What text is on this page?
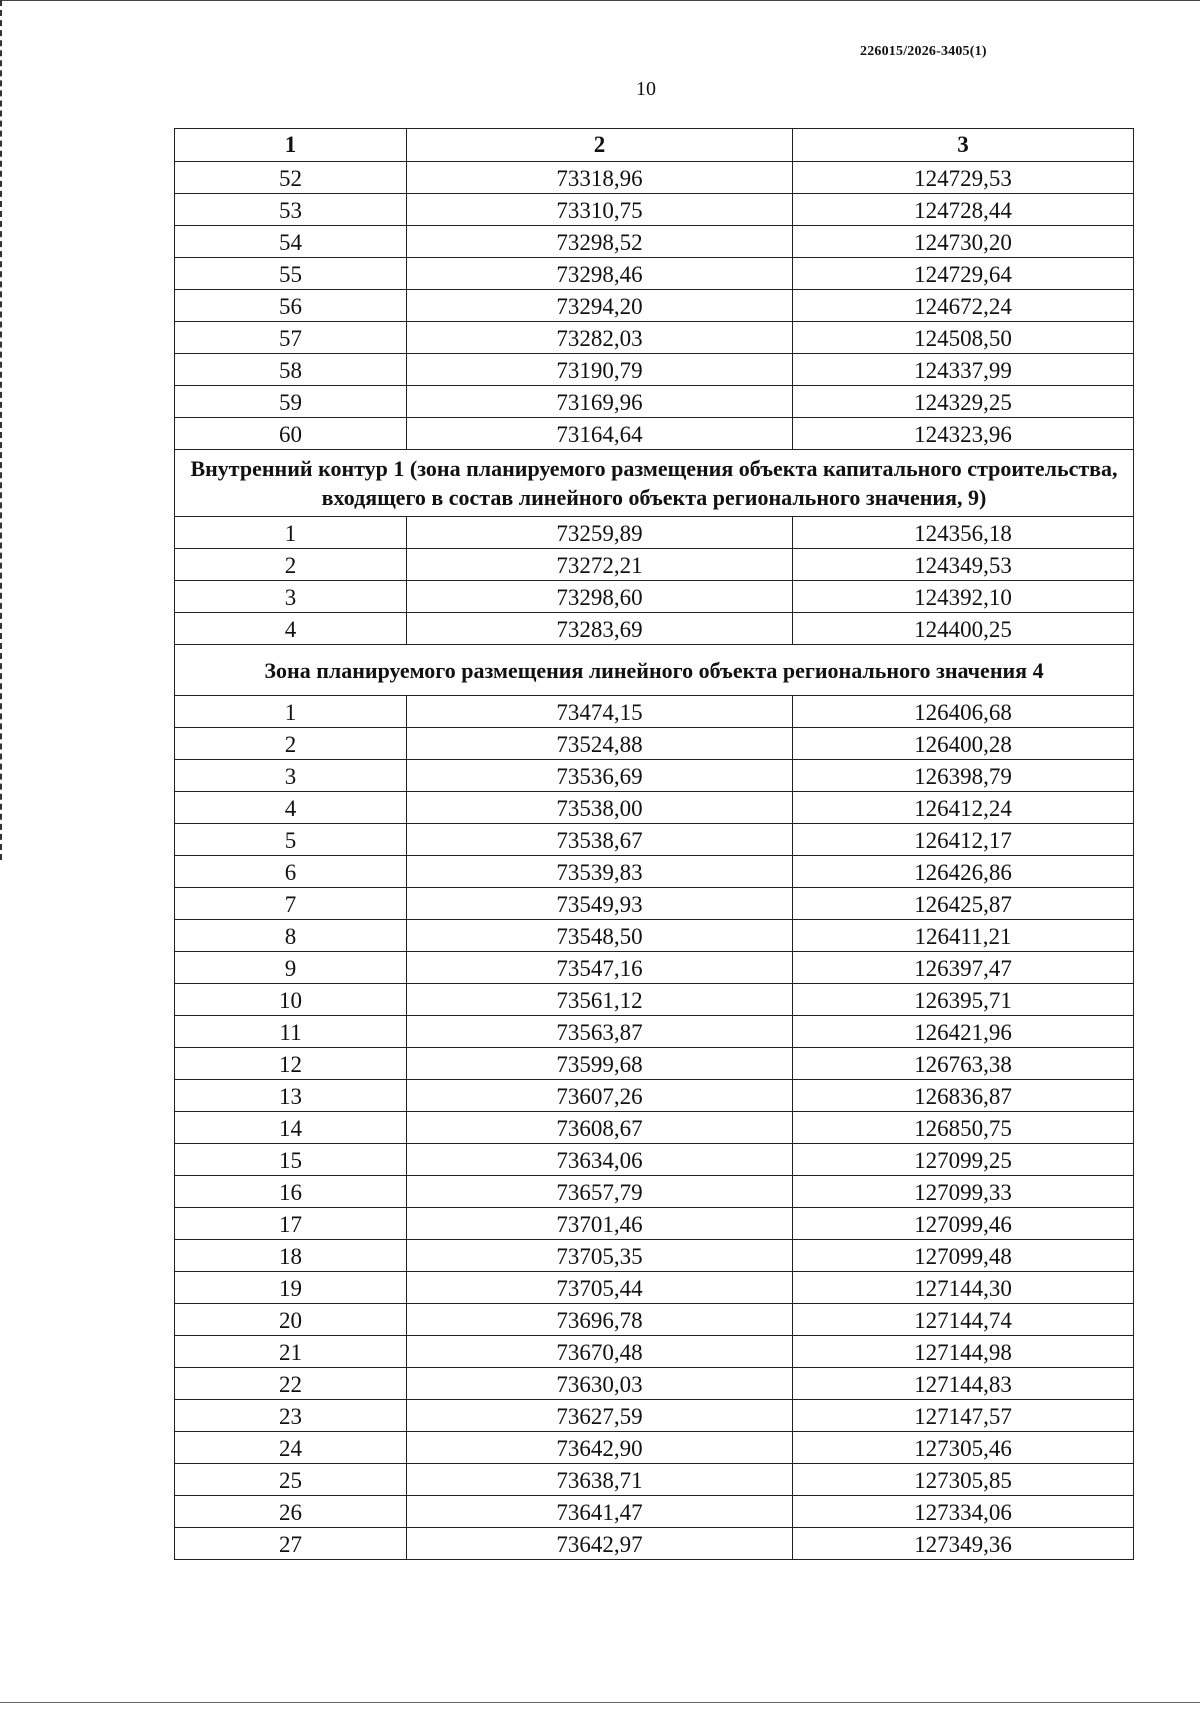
226015/2026-3405(1)
10
1	2	3
52	73318,96	124729,53
53	73310,75	124728,44
54	73298,52	124730,20
55	73298,46	124729,64
56	73294,20	124672,24
57	73282,03	124508,50
58	73190,79	124337,99
59	73169,96	124329,25
60	73164,64	124323,96
Внутренний контур 1 (зона планируемого размещения объекта капитального строительства, входящего в состав линейного объекта регионального значения, 9)		
1	73259,89	124356,18
2	73272,21	124349,53
3	73298,60	124392,10
4	73283,69	124400,25
Зона планируемого размещения линейного объекта регионального значения 4		
1	73474,15	126406,68
2	73524,88	126400,28
3	73536,69	126398,79
4	73538,00	126412,24
5	73538,67	126412,17
6	73539,83	126426,86
7	73549,93	126425,87
8	73548,50	126411,21
9	73547,16	126397,47
10	73561,12	126395,71
11	73563,87	126421,96
12	73599,68	126763,38
13	73607,26	126836,87
14	73608,67	126850,75
15	73634,06	127099,25
16	73657,79	127099,33
17	73701,46	127099,46
18	73705,35	127099,48
19	73705,44	127144,30
20	73696,78	127144,74
21	73670,48	127144,98
22	73630,03	127144,83
23	73627,59	127147,57
24	73642,90	127305,46
25	73638,71	127305,85
26	73641,47	127334,06
27	73642,97	127349,36
